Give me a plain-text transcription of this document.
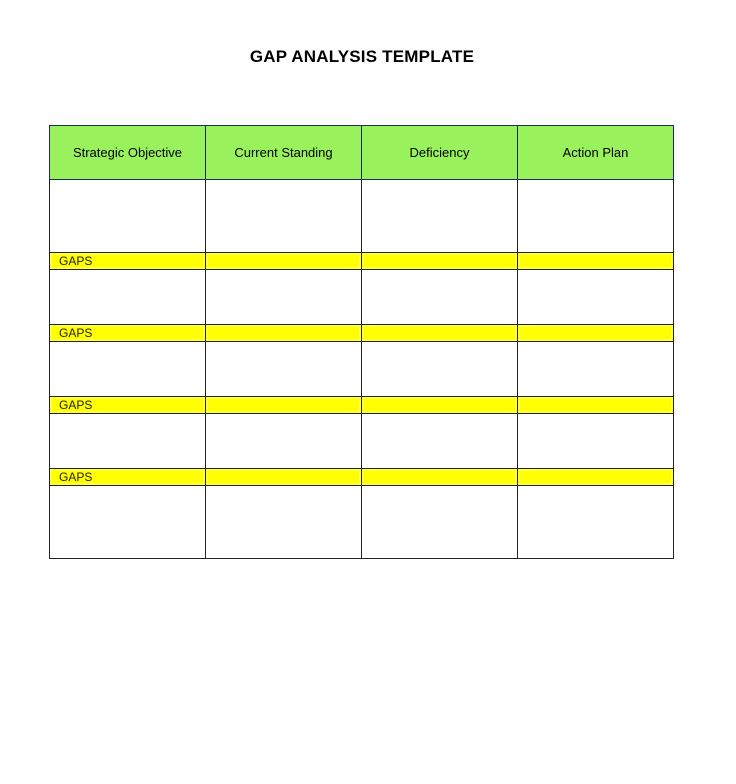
GAP ANALYSIS TEMPLATE
Strategic Objective	Current Standing	Deficiency	Action Plan

GAPS			

GAPS			

GAPS			

GAPS			
